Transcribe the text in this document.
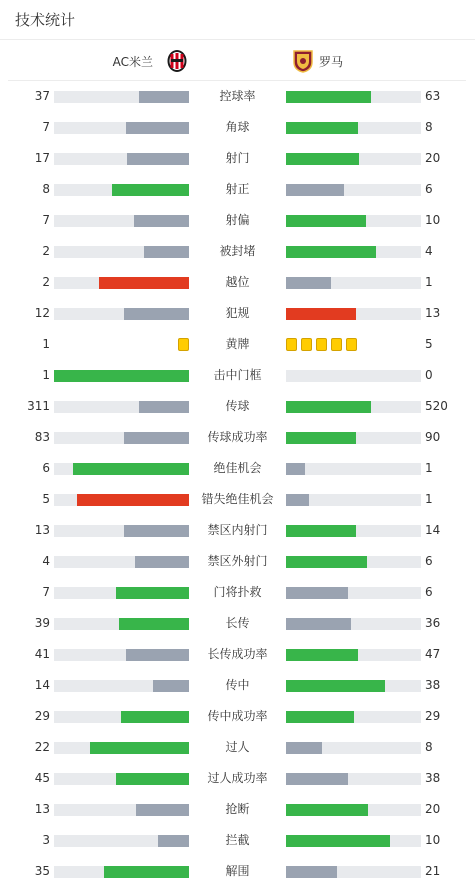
技术统计
AC米兰	罗马
37	控球率	63
7	角球	8
17	射门	20
8	射正	6
7	射偏	10
2	被封堵	4
2	越位	1
12	犯规	13
1	黄牌	5
1	击中门框	0
311	传球	520
83	传球成功率	90
6	绝佳机会	1
5	错失绝佳机会	1
13	禁区内射门	14
4	禁区外射门	6
7	门将扑救	6
39	长传	36
41	长传成功率	47
14	传中	38
29	传中成功率	29
22	过人	8
45	过人成功率	38
13	抢断	20
3	拦截	10
35	解围	21
